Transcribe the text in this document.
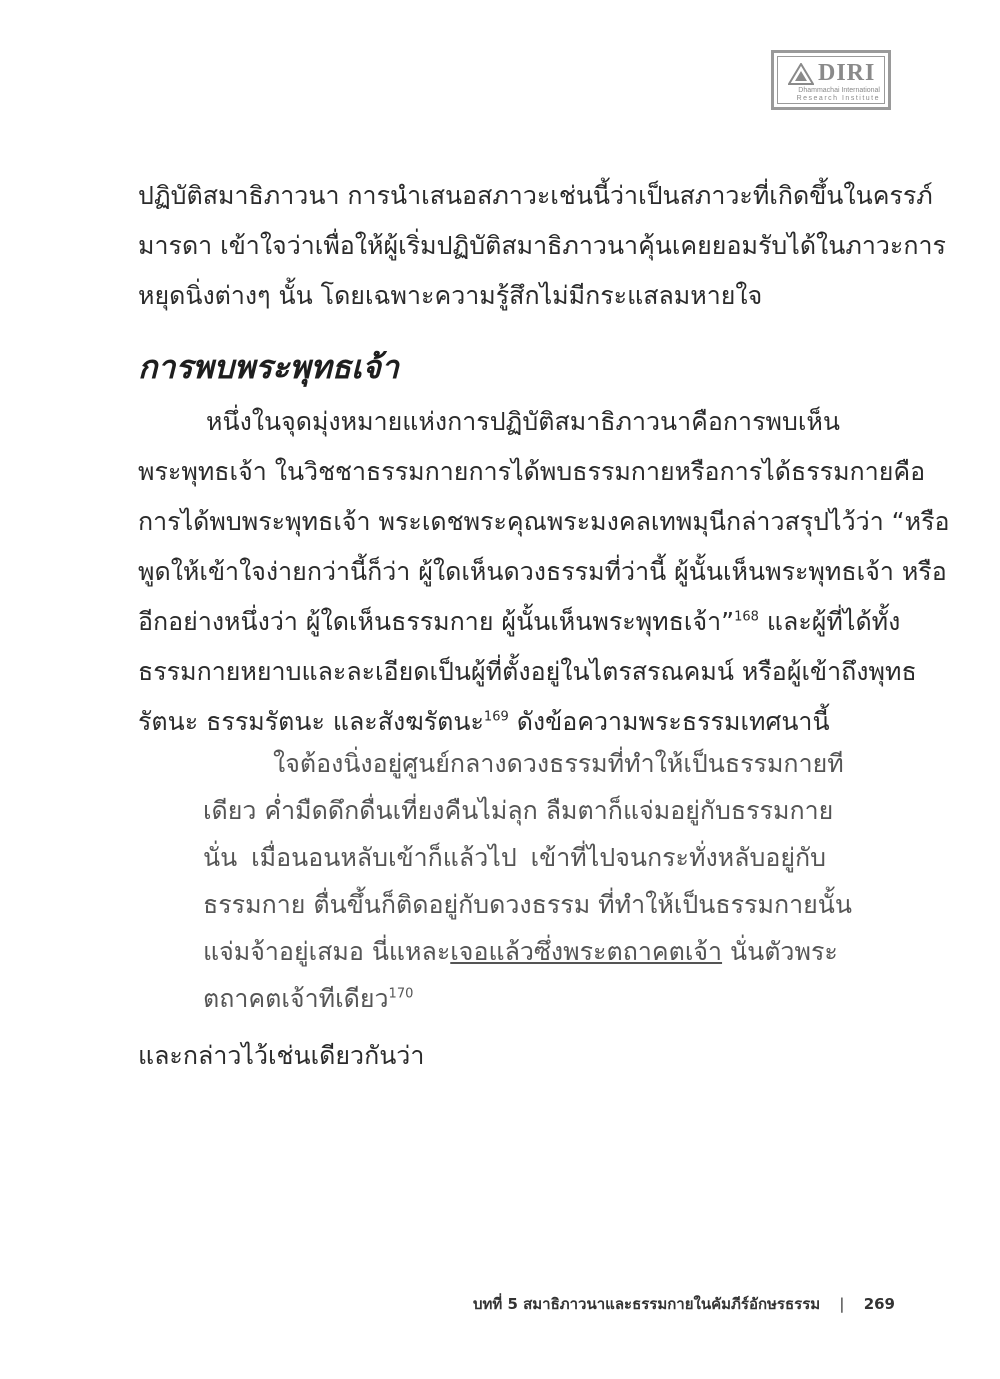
DIRI
Dhammachai International
Research Institute
ปฏิบัติสมาธิภาวนา การนำเสนอสภาวะเช่นนี้ว่าเป็นสภาวะที่เกิดขึ้นในครรภ์
มารดา เข้าใจว่าเพื่อให้ผู้เริ่มปฏิบัติสมาธิภาวนาคุ้นเคยยอมรับได้ในภาวะการ
หยุดนิ่งต่างๆ นั้น โดยเฉพาะความรู้สึกไม่มีกระแสลมหายใจ
การพบพระพุทธเจ้า
หนึ่งในจุดมุ่งหมายแห่งการปฏิบัติสมาธิภาวนาคือการพบเห็น
พระพุทธเจ้า ในวิชชาธรรมกายการได้พบธรรมกายหรือการได้ธรรมกายคือ
การได้พบพระพุทธเจ้า พระเดชพระคุณพระมงคลเทพมุนีกล่าวสรุปไว้ว่า “หรือ
พูดให้เข้าใจง่ายกว่านี้ก็ว่า ผู้ใดเห็นดวงธรรมที่ว่านี้ ผู้นั้นเห็นพระพุทธเจ้า หรือ
อีกอย่างหนึ่งว่า ผู้ใดเห็นธรรมกาย ผู้นั้นเห็นพระพุทธเจ้า”$^{168}$ และผู้ที่ได้ทั้ง
ธรรมกายหยาบและละเอียดเป็นผู้ที่ตั้งอยู่ในไตรสรณคมน์ หรือผู้เข้าถึงพุทธ
รัตนะ ธรรมรัตนะ และสังฆรัตนะ$^{169}$ ดังข้อความพระธรรมเทศนานี้
ใจต้องนิ่งอยู่ศูนย์กลางดวงธรรมที่ทำให้เป็นธรรมกายที
เดียว ค่ำมืดดึกดื่นเที่ยงคืนไม่ลุก ลืมตาก็แจ่มอยู่กับธรรมกาย
นั่น เมื่อนอนหลับเข้าก็แล้วไป เข้าที่ไปจนกระทั่งหลับอยู่กับ
ธรรมกาย ตื่นขึ้นก็ติดอยู่กับดวงธรรม ที่ทำให้เป็นธรรมกายนั้น
แจ่มจ้าอยู่เสมอ นี่แหละเจอแล้วซึ่งพระตถาคตเจ้า นั่นตัวพระ
ตถาคตเจ้าทีเดียว$^{170}$
และกล่าวไว้เช่นเดียวกันว่า
บทที่ 5 สมาธิภาวนาและธรรมกายในคัมภีร์อักษรธรรม | 269
